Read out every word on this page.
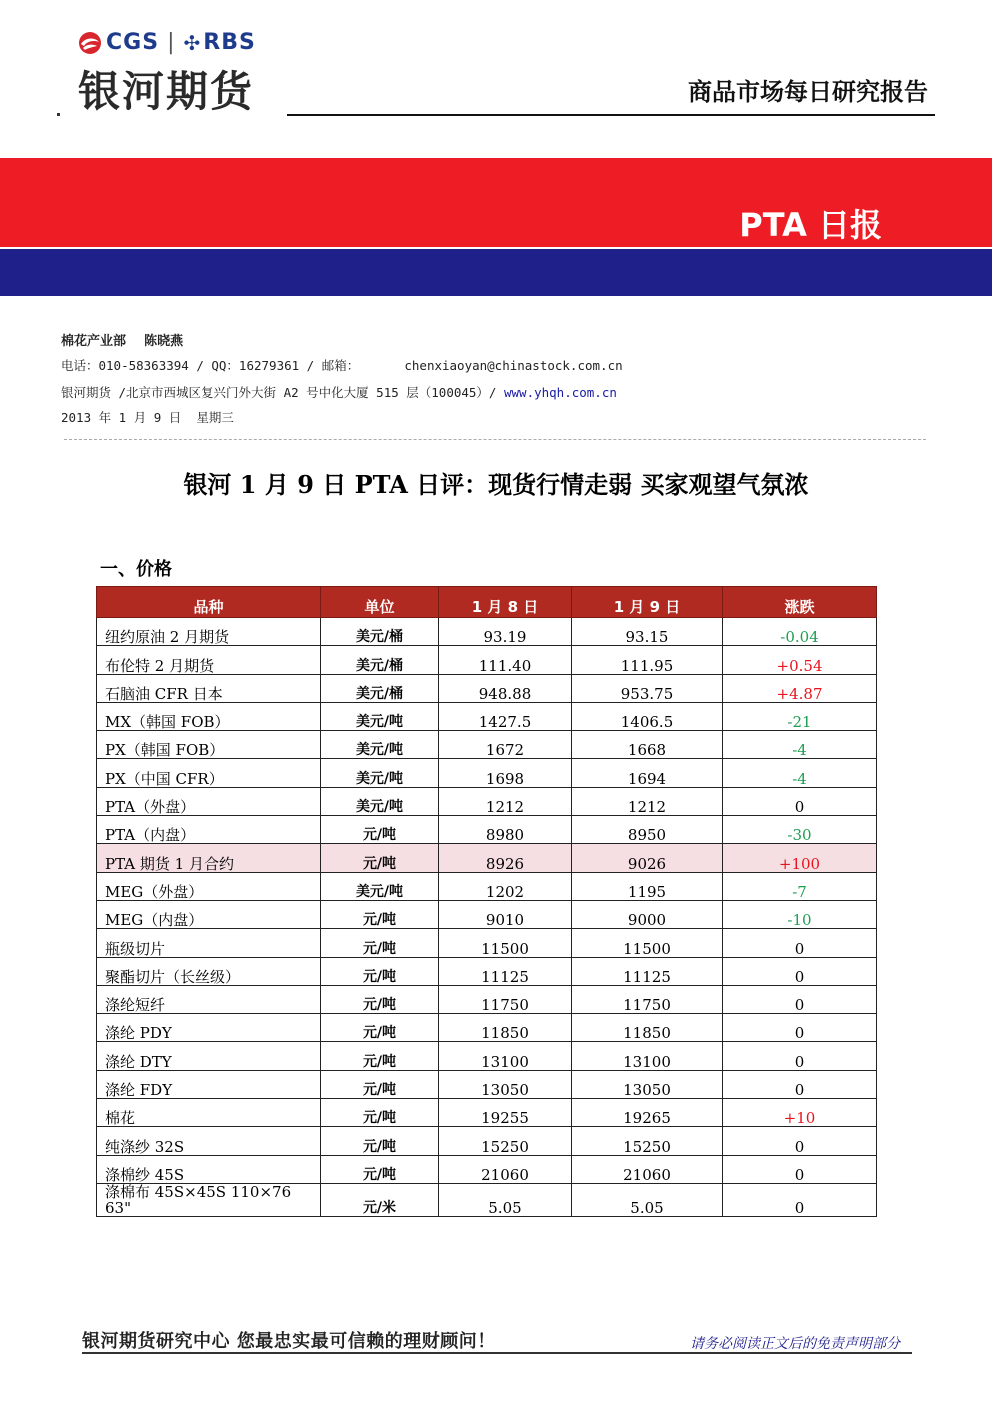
CGS | ✣ RBS
银河期货	商品市场每日研究报告
PTA 日报
棉花产业部    陈晓燕
电话：010-58363394 / QQ：16279361 / 邮箱：      chenxiaoyan@chinastock.com.cn
银河期货 /北京市西城区复兴门外大街 A2 号中化大厦 515 层（100045）/ www.yhqh.com.cn
2013 年 1 月 9 日  星期三
银河 1 月 9 日 PTA 日评：现货行情走弱 买家观望气氛浓
一、价格
品种	单位	1 月 8 日	1 月 9 日	涨跌
纽约原油 2 月期货	美元/桶	93.19	93.15	-0.04
布伦特 2 月期货	美元/桶	111.40	111.95	+0.54
石脑油 CFR 日本	美元/桶	948.88	953.75	+4.87
MX（韩国 FOB）	美元/吨	1427.5	1406.5	-21
PX（韩国 FOB）	美元/吨	1672	1668	-4
PX（中国 CFR）	美元/吨	1698	1694	-4
PTA（外盘）	美元/吨	1212	1212	0
PTA（内盘）	元/吨	8980	8950	-30
PTA 期货 1 月合约	元/吨	8926	9026	+100
MEG（外盘）	美元/吨	1202	1195	-7
MEG（内盘）	元/吨	9010	9000	-10
瓶级切片	元/吨	11500	11500	0
聚酯切片（长丝级）	元/吨	11125	11125	0
涤纶短纤	元/吨	11750	11750	0
涤纶 PDY	元/吨	11850	11850	0
涤纶 DTY	元/吨	13100	13100	0
涤纶 FDY	元/吨	13050	13050	0
棉花	元/吨	19255	19265	+10
纯涤纱 32S	元/吨	15250	15250	0
涤棉纱 45S	元/吨	21060	21060	0
涤棉布 45S×45S 110×76 63"	元/米	5.05	5.05	0
银河期货研究中心 您最忠实最可信赖的理财顾问！	请务必阅读正文后的免责声明部分
